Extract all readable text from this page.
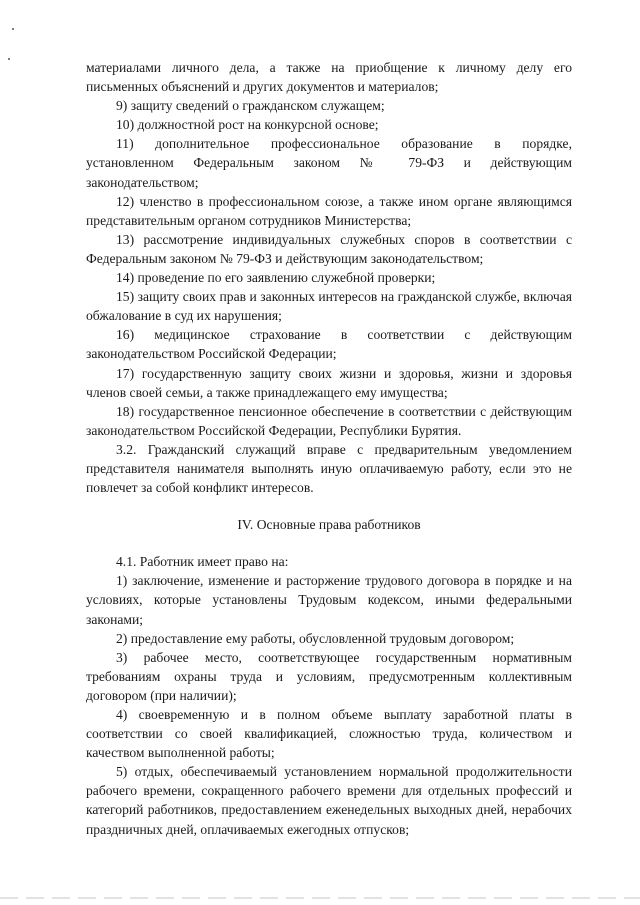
материалами личного дела, а также на приобщение к личному делу его письменных объяснений и других документов и материалов;

9) защиту сведений о гражданском служащем;

10) должностной рост на конкурсной основе;

11) дополнительное профессиональное образование в порядке, установленном Федеральным законом № 79-ФЗ и действующим законодательством;

12) членство в профессиональном союзе, а также ином органе являющимся представительным органом сотрудников Министерства;

13) рассмотрение индивидуальных служебных споров в соответствии с Федеральным законом № 79-ФЗ и действующим законодательством;

14) проведение по его заявлению служебной проверки;

15) защиту своих прав и законных интересов на гражданской службе, включая обжалование в суд их нарушения;

16) медицинское страхование в соответствии с действующим законодательством Российской Федерации;

17) государственную защиту своих жизни и здоровья, жизни и здоровья членов своей семьи, а также принадлежащего ему имущества;

18) государственное пенсионное обеспечение в соответствии с действующим законодательством Российской Федерации, Республики Бурятия.

3.2. Гражданский служащий вправе с предварительным уведомлением представителя нанимателя выполнять иную оплачиваемую работу, если это не повлечет за собой конфликт интересов.

IV. Основные права работников

4.1. Работник имеет право на:

1) заключение, изменение и расторжение трудового договора в порядке и на условиях, которые установлены Трудовым кодексом, иными федеральными законами;

2) предоставление ему работы, обусловленной трудовым договором;

3) рабочее место, соответствующее государственным нормативным требованиям охраны труда и условиям, предусмотренным коллективным договором (при наличии);

4) своевременную и в полном объеме выплату заработной платы в соответствии со своей квалификацией, сложностью труда, количеством и качеством выполненной работы;

5) отдых, обеспечиваемый установлением нормальной продолжительности рабочего времени, сокращенного рабочего времени для отдельных профессий и категорий работников, предоставлением еженедельных выходных дней, нерабочих праздничных дней, оплачиваемых ежегодных отпусков;
